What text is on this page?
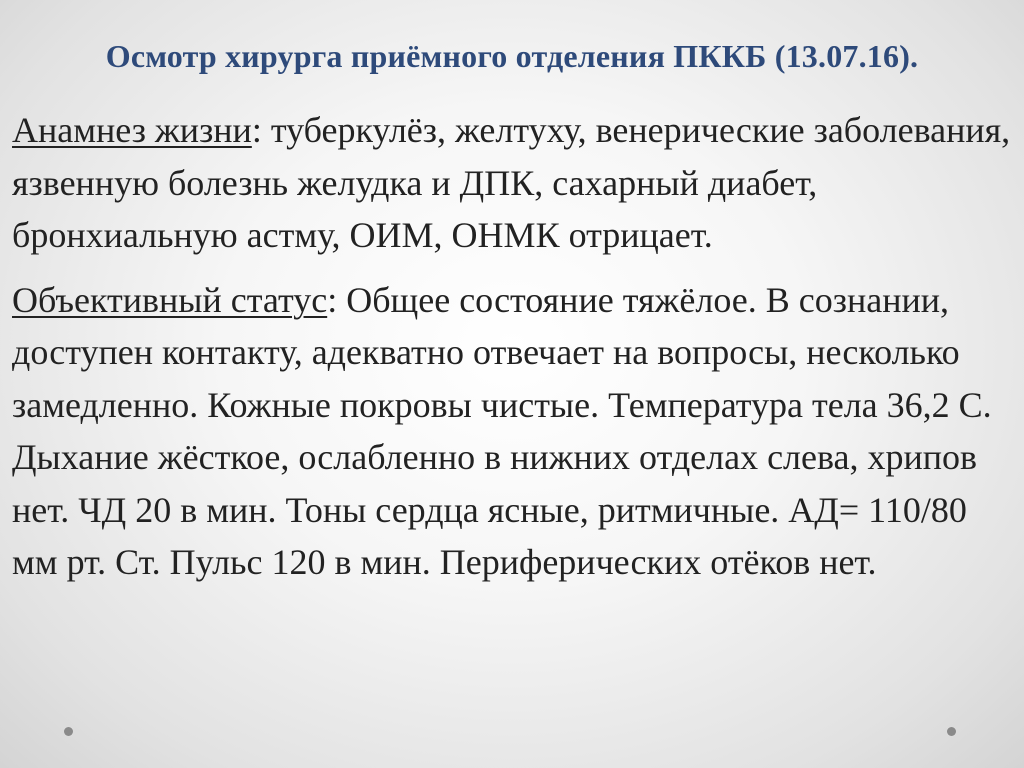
Осмотр хирурга приёмного отделения ПККБ (13.07.16).

Анамнез жизни: туберкулёз, желтуху, венерические заболевания, язвенную болезнь желудка и ДПК, сахарный диабет, бронхиальную астму, ОИМ, ОНМК отрицает.

Объективный статус: Общее состояние тяжёлое. В сознании, доступен контакту, адекватно отвечает на вопросы, несколько замедленно. Кожные покровы чистые. Температура тела 36,2 С. Дыхание жёсткое, ослабленно в нижних отделах слева, хрипов нет. ЧД 20 в мин. Тоны сердца ясные, ритмичные. АД= 110/80 мм рт. Ст. Пульс 120 в мин. Периферических отёков нет.
